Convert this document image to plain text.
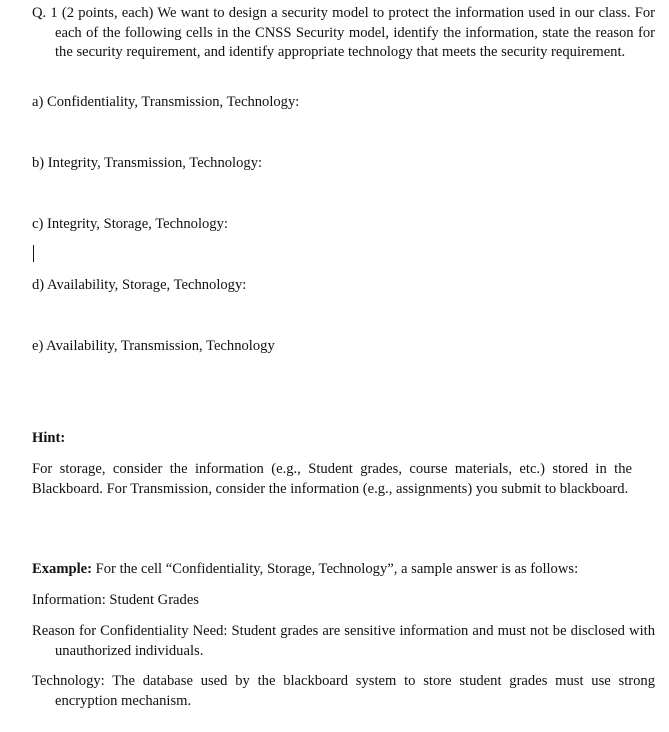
Q. 1 (2 points, each) We want to design a security model to protect the information used in our class. For each of the following cells in the CNSS Security model, identify the information, state the reason for the security requirement, and identify appropriate technology that meets the security requirement.

a) Confidentiality, Transmission, Technology:

b) Integrity, Transmission, Technology:

c) Integrity, Storage, Technology:

d) Availability, Storage, Technology:

e) Availability, Transmission, Technology

Hint:

For storage, consider the information (e.g., Student grades, course materials, etc.) stored in the Blackboard. For Transmission, consider the information (e.g., assignments) you submit to blackboard.

Example: For the cell “Confidentiality, Storage, Technology”, a sample answer is as follows:

Information: Student Grades

Reason for Confidentiality Need: Student grades are sensitive information and must not be disclosed with unauthorized individuals.

Technology: The database used by the blackboard system to store student grades must use strong encryption mechanism.
